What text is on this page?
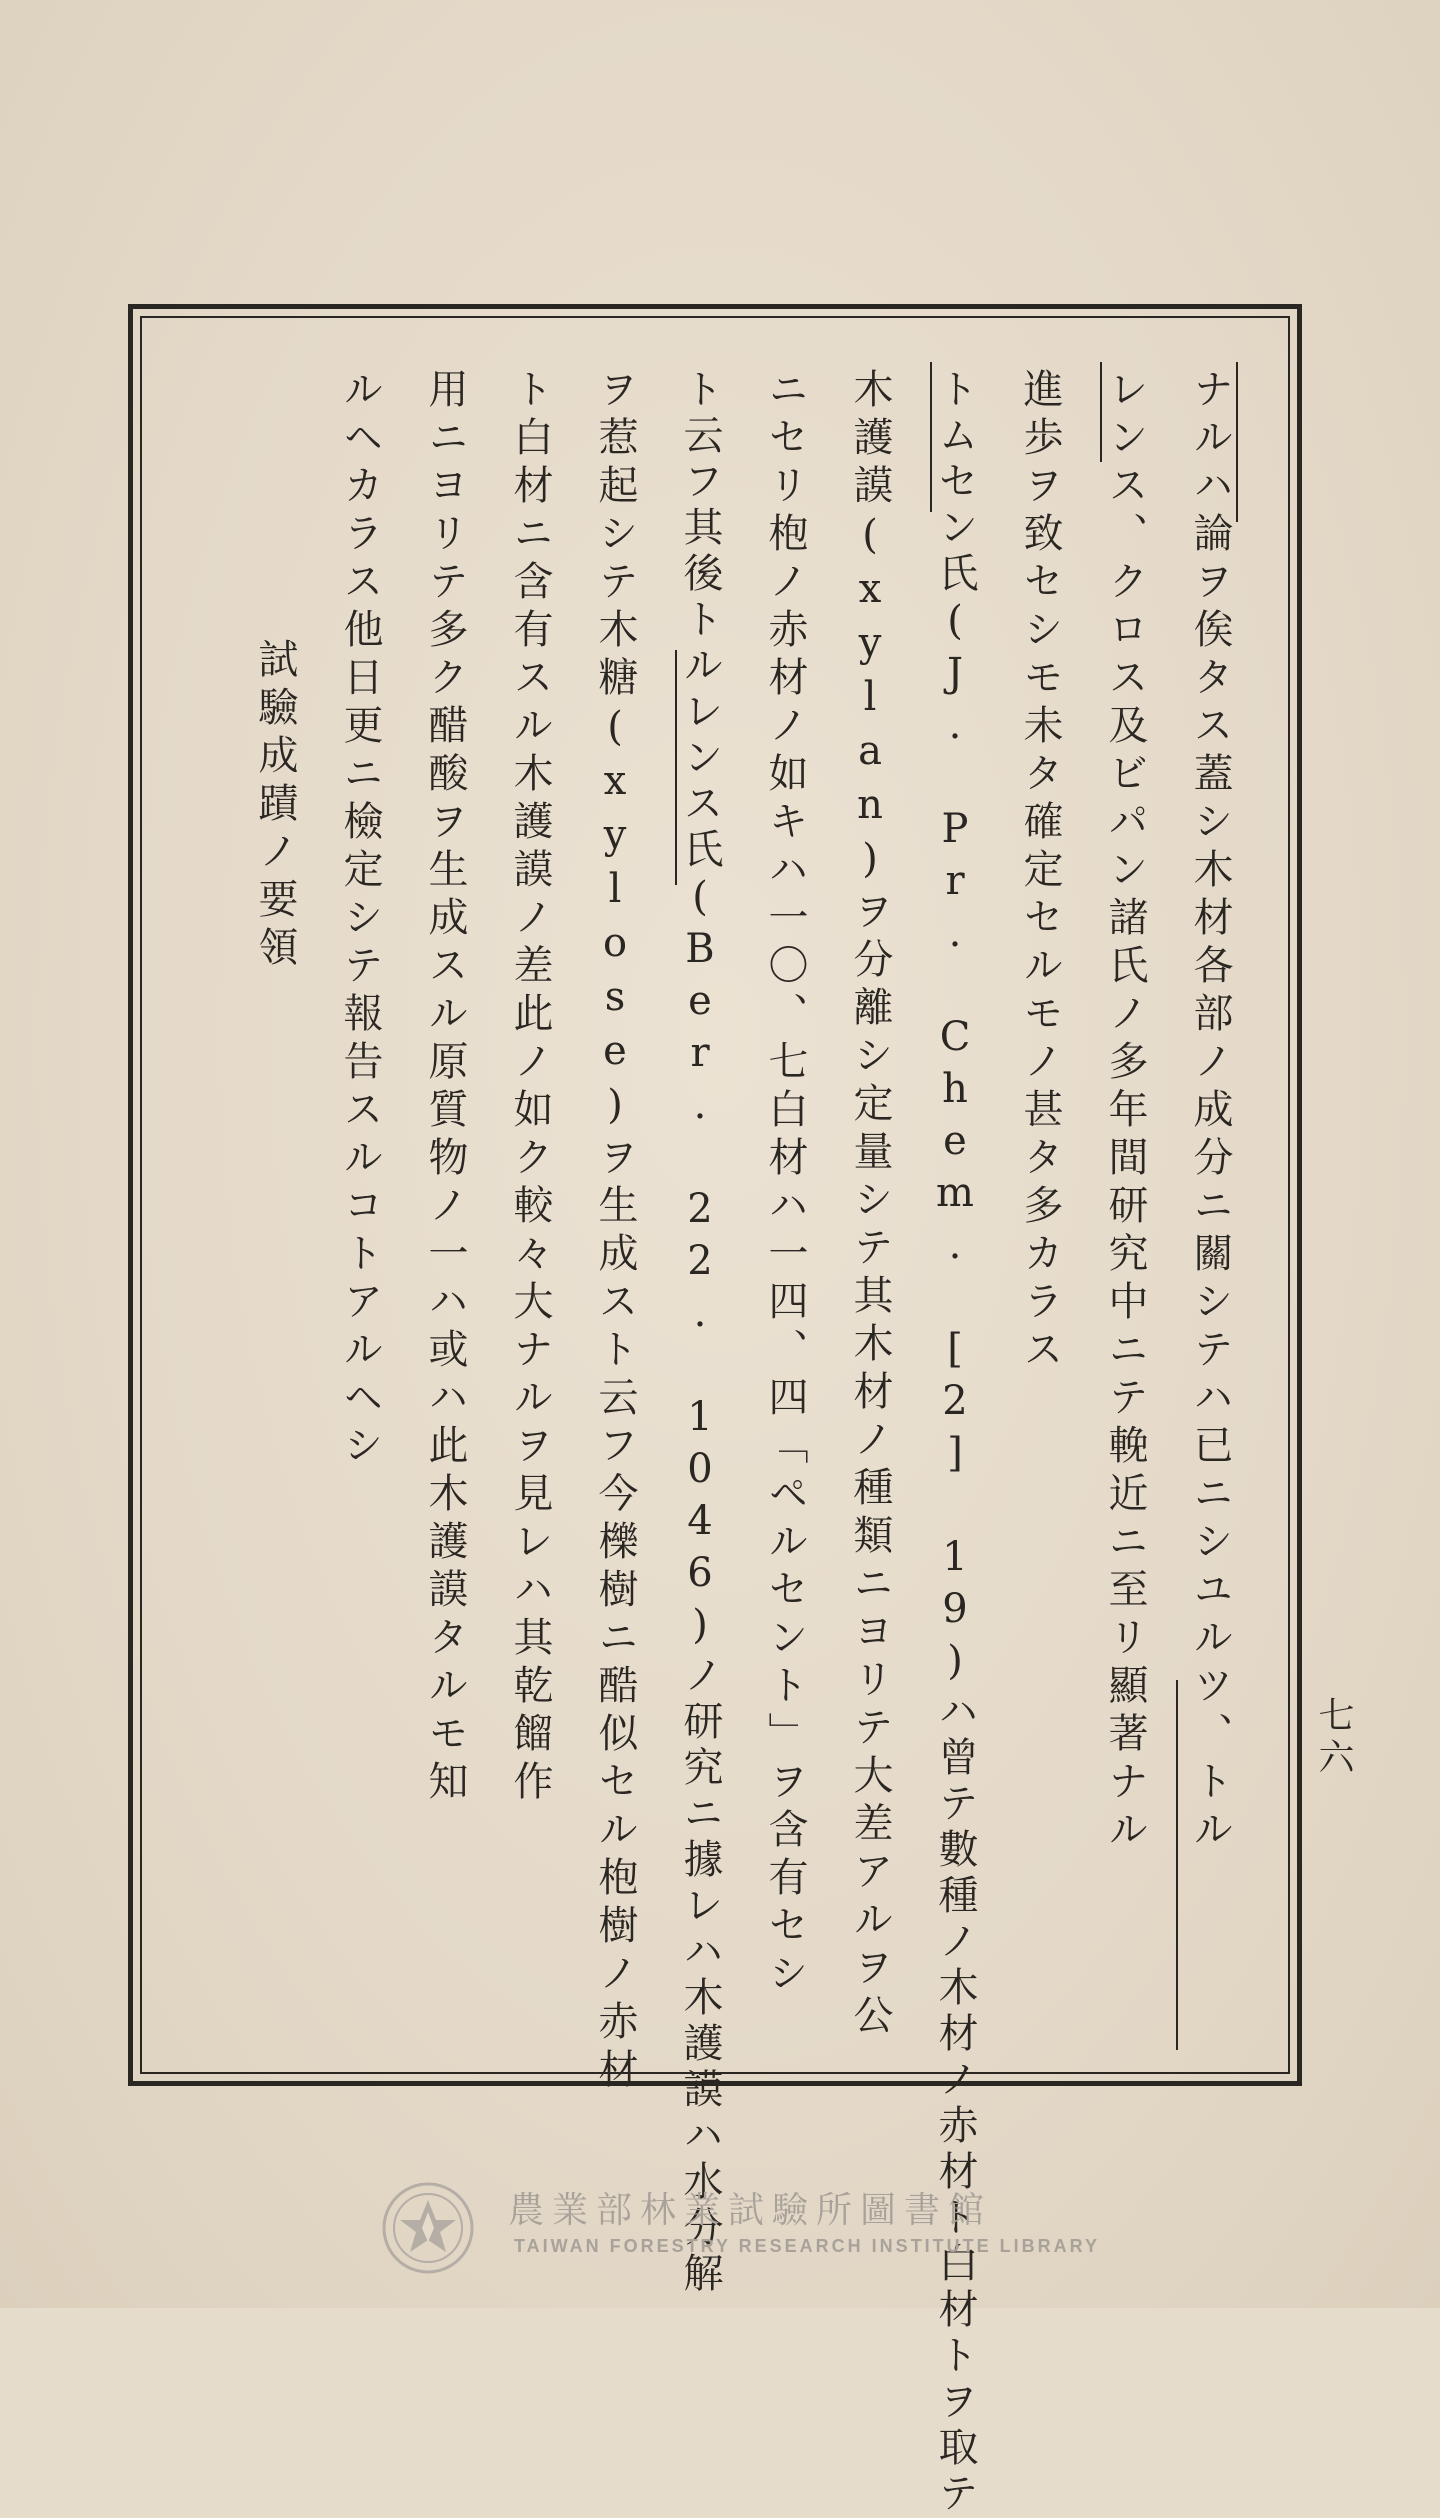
ナルハ論ヲ俟タス蓋シ木材各部ノ成分ニ關シテハ已ニシユルツ、トル
レンス、クロス及ビパン諸氏ノ多年間研究中ニテ輓近ニ至リ顯著ナル
進歩ヲ致セシモ未タ確定セルモノ甚タ多カラス
トムセン氏(J. Pr. Chem. [2] 19)ハ曾テ數種ノ木材ノ赤材ト白材トヲ取テ
木護謨(xylan)ヲ分離シ定量シテ其木材ノ種類ニヨリテ大差アルヲ公
ニセリ枹ノ赤材ノ如キハ一〇、七白材ハ一四、四「ペルセント」ヲ含有セシ
ト云フ其後トルレンス氏(Ber. 22. 1046)ノ研究ニ據レハ木護謨ハ水分解
ヲ惹起シテ木糖(xylose)ヲ生成スト云フ今櫟樹ニ酷似セル枹樹ノ赤材
ト白材ニ含有スル木護謨ノ差此ノ如ク較々大ナルヲ見レハ其乾餾作
用ニヨリテ多ク醋酸ヲ生成スル原質物ノ一ハ或ハ此木護謨タルモ知
ルヘカラス他日更ニ檢定シテ報告スルコトアルヘシ
試驗成蹟ノ要領
七六
農業部林業試驗所圖書館
TAIWAN FORESTRY RESEARCH INSTITUTE LIBRARY
